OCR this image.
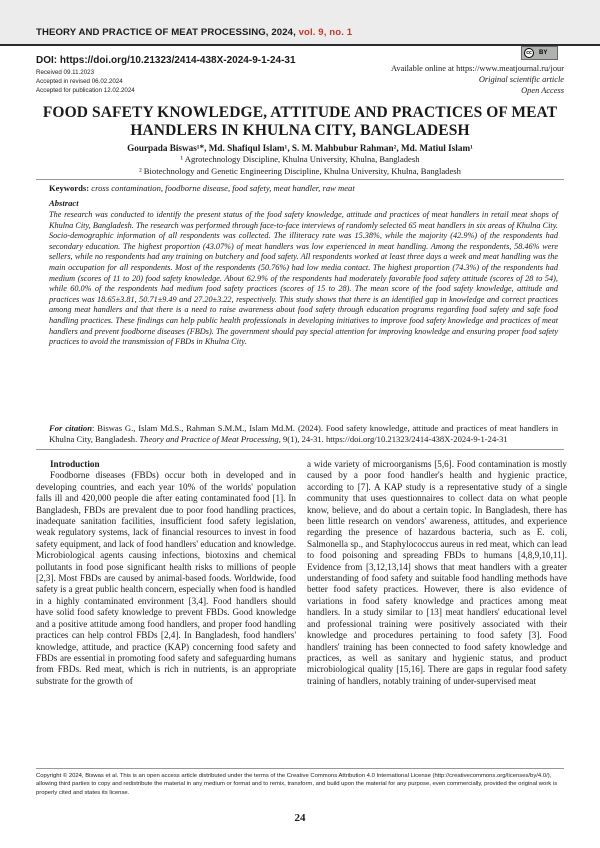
THEORY AND PRACTICE OF MEAT PROCESSING, 2024, vol. 9, no. 1
DOI: https://doi.org/10.21323/2414-438X-2024-9-1-24-31
Received 09.11.2023
Accepted in revised 06.02.2024
Accepted for publication 12.02.2024
cc	BY
Available online at https://www.meatjournal.ru/jour
Original scientific article
Open Access
FOOD SAFETY KNOWLEDGE, ATTITUDE AND PRACTICES OF MEAT HANDLERS IN KHULNA CITY, BANGLADESH
Gourpada Biswas¹*, Md. Shafiqul Islam¹, S. M. Mahbubur Rahman², Md. Matiul Islam¹
¹ Agrotechnology Discipline, Khulna University, Khulna, Bangladesh
² Biotechnology and Genetic Engineering Discipline, Khulna University, Khulna, Bangladesh
Keywords: cross contamination, foodborne disease, food safety, meat handler, raw meat
Abstract

The research was conducted to identify the present status of the food safety knowledge, attitude and practices of meat handlers in retail meat shops of Khulna City, Bangladesh. The research was performed through face-to-face interviews of randomly selected 65 meat handlers in six areas of Khulna City. Socio-demographic information of all respondents was collected. The illiteracy rate was 15.38%, while the majority (42.9%) of the respondents had secondary education. The highest proportion (43.07%) of meat handlers was low experienced in meat handling. Among the respondents, 58.46% were sellers, while no respondents had any training on butchery and food safety. All respondents worked at least three days a week and meat handling was the main occupation for all respondents. Most of the respondents (50.76%) had low media contact. The highest proportion (74.3%) of the respondents had medium (scores of 11 to 20) food safety knowledge. About 62.9% of the respondents had moderately favorable food safety attitude (scores of 28 to 54), while 60.0% of the respondents had medium food safety practices (scores of 15 to 28). The mean score of the food safety knowledge, attitude and practices was 18.65±3.81, 50.71±9.49 and 27.20±3.22, respectively. This study shows that there is an identified gap in knowledge and correct practices among meat handlers and that there is a need to raise awareness about food safety through education programs regarding food safety and safe food handling practices. These findings can help public health professionals in developing initiatives to improve food safety knowledge and practices of meat handlers and prevent foodborne diseases (FBDs). The government should pay special attention for improving knowledge and ensuring proper food safety practices to avoid the transmission of FBDs in Khulna City.

For citation: Biswas G., Islam Md.S., Rahman S.M.M., Islam Md.M. (2024). Food safety knowledge, attitude and practices of meat handlers in Khulna City, Bangladesh. Theory and Practice of Meat Processing, 9(1), 24-31. https://doi.org/10.21323/2414-438X-2024-9-1-24-31

Introduction
Foodborne diseases (FBDs) occur both in developed and in developing countries, and each year 10% of the worlds' population falls ill and 420,000 people die after eating contaminated food [1]. In Bangladesh, FBDs are prevalent due to poor food handling practices, inadequate sanitation facilities, insufficient food safety legislation, weak regulatory systems, lack of financial resources to invest in food safety equipment, and lack of food handlers' education and knowledge. Microbiological agents causing infections, biotoxins and chemical pollutants in food pose significant health risks to millions of people [2,3]. Most FBDs are caused by animal-based foods. Worldwide, food safety is a great public health concern, especially when food is handled in a highly contaminated environment [3,4]. Food handlers should have solid food safety knowledge to prevent FBDs. Good knowledge and a positive attitude among food handlers, and proper food handling practices can help control FBDs [2,4]. In Bangladesh, food handlers' knowledge, attitude, and practice (KAP) concerning food safety and FBDs are essential in promoting food safety and safeguarding humans from FBDs. Red meat, which is rich in nutrients, is an appropriate substrate for the growth of
a wide variety of microorganisms [5,6]. Food contamination is mostly caused by a poor food handler's health and hygienic practice, according to [7]. A KAP study is a representative study of a single community that uses questionnaires to collect data on what people know, believe, and do about a certain topic. In Bangladesh, there has been little research on vendors' awareness, attitudes, and experience regarding the presence of hazardous bacteria, such as E. coli, Salmonella sp., and Staphylococcus aureus in red meat, which can lead to food poisoning and spreading FBDs to humans [4,8,9,10,11]. Evidence from [3,12,13,14] shows that meat handlers with a greater understanding of food safety and suitable food handling methods have better food safety practices. However, there is also evidence of variations in food safety knowledge and practices among meat handlers. In a study similar to [13] meat handlers' educational level and professional training were positively associated with their knowledge and procedures pertaining to food safety [3]. Food handlers' training has been connected to food safety knowledge and practices, as well as sanitary and hygienic status, and product microbiological quality [15,16]. There are gaps in regular food safety training of handlers, notably training of under-supervised meat

Copyright © 2024, Biswas et al. This is an open access article distributed under the terms of the Creative Commons Attribution 4.0 International License (http://creativecommons.org/licenses/by/4.0/), allowing third parties to copy and redistribute the material in any medium or format and to remix, transform, and build upon the material for any purpose, even commercially, provided the original work is properly cited and states its license.

24
